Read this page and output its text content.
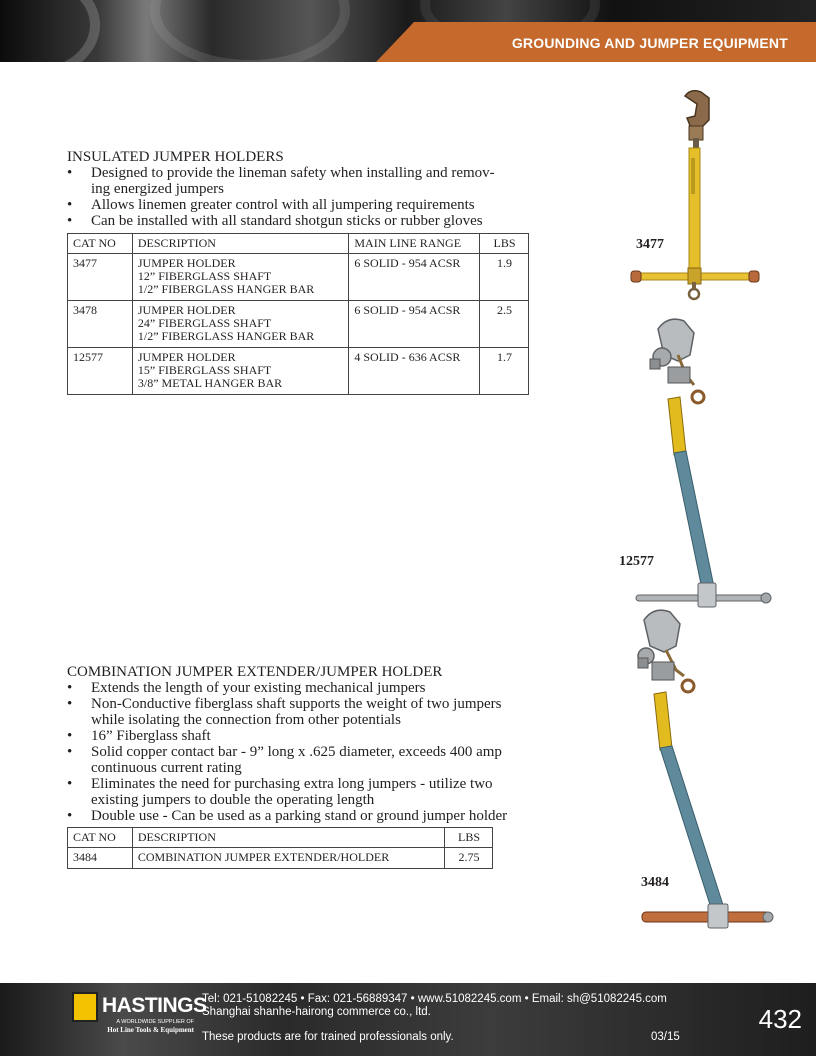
GROUNDING AND JUMPER EQUIPMENT
INSULATED JUMPER HOLDERS
• Designed to provide the lineman safety when installing and remov-
ing energized jumpers
• Allows linemen greater control with all jumpering requirements
• Can be installed with all standard shotgun sticks or rubber gloves
CAT NO	DESCRIPTION	MAIN LINE RANGE	LBS
3477	JUMPER HOLDER
12” FIBERGLASS SHAFT
1/2” FIBERGLASS HANGER BAR	6 SOLID - 954 ACSR	1.9
3478	JUMPER HOLDER
24” FIBERGLASS SHAFT
1/2” FIBERGLASS HANGER BAR	6 SOLID - 954 ACSR	2.5
12577	JUMPER HOLDER
15” FIBERGLASS SHAFT
3/8” METAL HANGER BAR	4 SOLID - 636 ACSR	1.7
COMBINATION JUMPER EXTENDER/JUMPER HOLDER
• Extends the length of your existing mechanical jumpers
• Non-Conductive fiberglass shaft supports the weight of two jumpers
while isolating the connection from other potentials
• 16” Fiberglass shaft
• Solid copper contact bar - 9” long x .625 diameter, exceeds 400 amp
continuous current rating
• Eliminates the need for purchasing extra long jumpers - utilize two
existing jumpers to double the operating length
• Double use - Can be used as a parking stand or ground jumper holder
CAT NO	DESCRIPTION	LBS
3484	COMBINATION JUMPER EXTENDER/HOLDER	2.75
3477
12577
3484
HASTINGS
A WORLDWIDE SUPPLIER OF
Hot Line Tools & Equipment
Tel: 021-51082245 • Fax: 021-56889347 • www.51082245.com • Email: sh@51082245.com
Shanghai shanhe-hairong commerce co., ltd.
These products are for trained professionals only.	03/15
432
